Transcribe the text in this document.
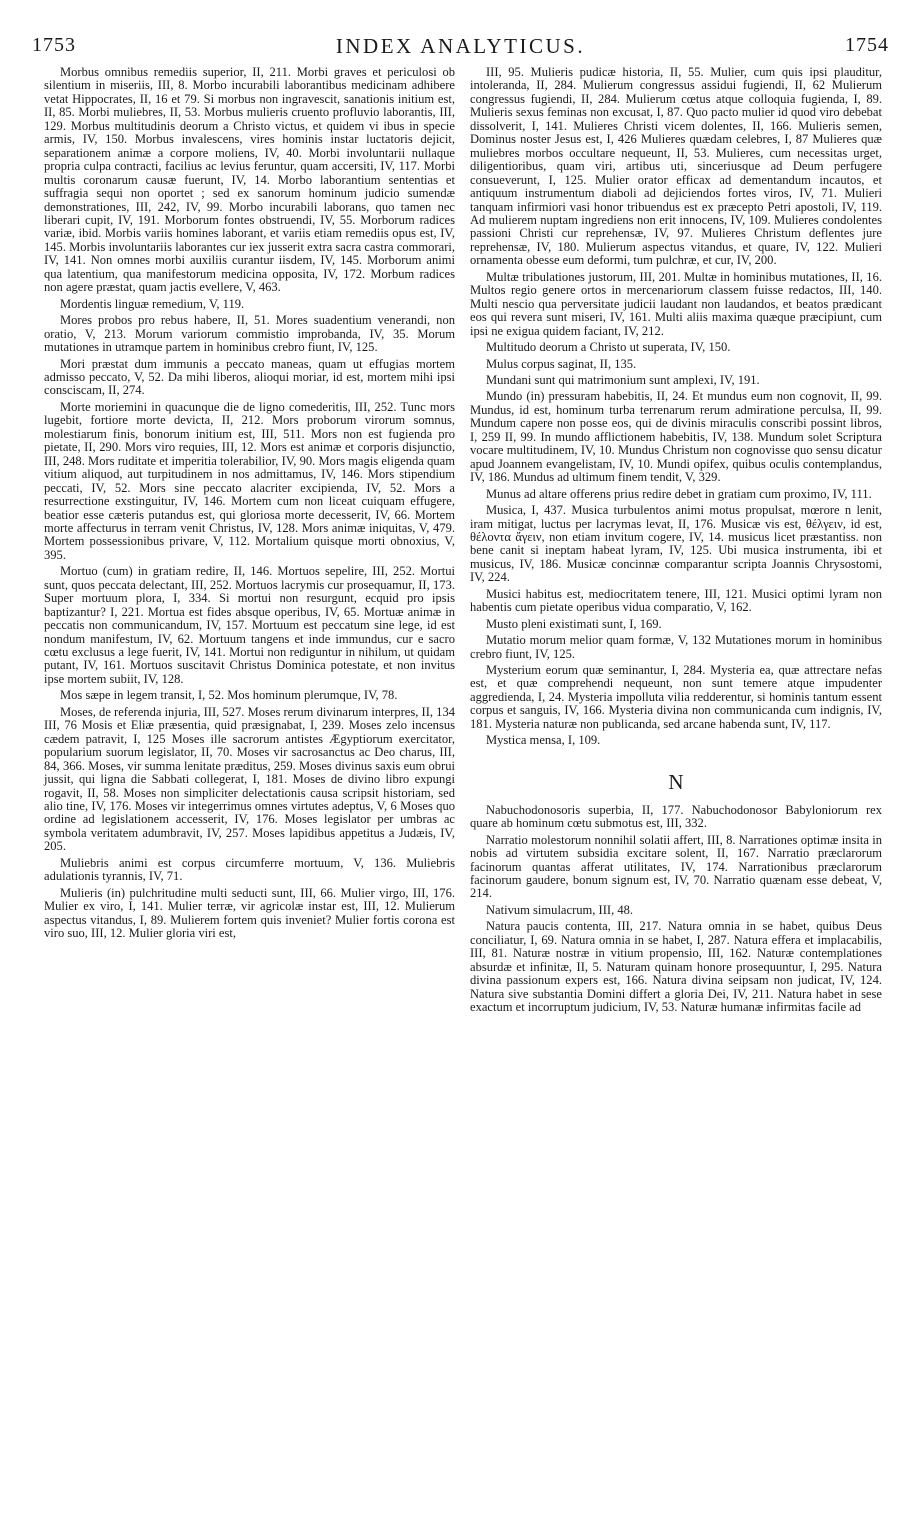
1753	INDEX ANALYTICUS.	1754

Morbus omnibus remediis superior, II, 211. Morbi graves et periculosi ob silentium in miseriis, III, 8. Morbo incurabili laborantibus medicinam adhibere vetat Hippocrates, II, 16 et 79. Si morbus non ingravescit, sanationis initium est, II, 85. Morbi muliebres, II, 53. Morbus mulieris cruento profluvio laborantis, III, 129. Morbus multitudinis deorum a Christo victus, et quidem vi ibus in specie armis, IV, 150. Morbus invalescens, vires hominis instar luctatoris dejicit, separationem animæ a corpore moliens, IV, 40. Morbi involuntarii nullaque propria culpa contracti, facilius ac levius feruntur, quam accersiti, IV, 117. Morbi multis coronarum causæ fuerunt, IV, 14. Morbo laborantium sententias et suffragia sequi non oportet ; sed ex sanorum hominum judicio sumendæ demonstrationes, III, 242, IV, 99. Morbo incurabili laborans, quo tamen nec liberari cupit, IV, 191. Morborum fontes obstruendi, IV, 55. Morborum radices variæ, ibid. Morbis variis homines laborant, et variis etiam remediis opus est, IV, 145. Morbis involuntariis laborantes cur iex jusserit extra sacra castra commorari, IV, 141. Non omnes morbi auxiliis curantur iisdem, IV, 145. Morborum animi qua latentium, qua manifestorum medicina opposita, IV, 172. Morbum radices non agere præstat, quam jactis evellere, V, 463.

Mordentis linguæ remedium, V, 119.

Mores probos pro rebus habere, II, 51. Mores suadentium venerandi, non oratio, V, 213. Morum variorum commistio improbanda, IV, 35. Morum mutationes in utramque partem in hominibus crebro fiunt, IV, 125.

Mori præstat dum immunis a peccato maneas, quam ut effugias mortem admisso peccato, V, 52. Da mihi liberos, alioqui moriar, id est, mortem mihi ipsi consciscam, II, 274.

Morte moriemini in quacunque die de ligno comederitis, III, 252. Tunc mors lugebit, fortiore morte devicta, II, 212. Mors proborum virorum somnus, molestiarum finis, bonorum initium est, III, 511. Mors non est fugienda pro pietate, II, 290. Mors viro requies, III, 12. Mors est animæ et corporis disjunctio, III, 248. Mors ruditate et imperitia tolerabilior, IV, 90. Mors magis eligenda quam vitium aliquod, aut turpitudinem in nos admittamus, IV, 146. Mors stipendium peccati, IV, 52. Mors sine peccato alacriter excipienda, IV, 52. Mors a resurrectione exstinguitur, IV, 146. Mortem cum non liceat cuiquam effugere, beatior esse cæteris putandus est, qui gloriosa morte decesserit, IV, 66. Mortem morte affecturus in terram venit Christus, IV, 128. Mors animæ iniquitas, V, 479. Mortem possessionibus privare, V, 112. Mortalium quisque morti obnoxius, V, 395.

Mortuo (cum) in gratiam redire, II, 146. Mortuos sepelire, III, 252. Mortui sunt, quos peccata delectant, III, 252. Mortuos lacrymis cur prosequamur, II, 173. Super mortuum plora, I, 334. Si mortui non resurgunt, ecquid pro ipsis baptizantur? I, 221. Mortua est fides absque operibus, IV, 65. Mortuæ animæ in peccatis non communicandum, IV, 157. Mortuum est peccatum sine lege, id est nondum manifestum, IV, 62. Mortuum tangens et inde immundus, cur e sacro cœtu exclusus a lege fuerit, IV, 141. Mortui non rediguntur in nihilum, ut quidam putant, IV, 161. Mortuos suscitavit Christus Dominica potestate, et non invitus ipse mortem subiit, IV, 128.

Mos sæpe in legem transit, I, 52. Mos hominum plerumque, IV, 78.

Moses, de referenda injuria, III, 527. Moses rerum divinarum interpres, II, 134 III, 76 Mosis et Eliæ præsentia, quid præsignabat, I, 239. Moses zelo incensus cædem patravit, I, 125 Moses ille sacrorum antistes Ægyptiorum exercitator, popularium suorum legislator, II, 70. Moses vir sacrosanctus ac Deo charus, III, 84, 366. Moses, vir summa lenitate præditus, 259. Moses divinus saxis eum obrui jussit, qui ligna die Sabbati collegerat, I, 181. Moses de divino libro expungi rogavit, II, 58. Moses non simpliciter delectationis causa scripsit historiam, sed alio tine, IV, 176. Moses vir integerrimus omnes virtutes adeptus, V, 6 Moses quo ordine ad legislationem accesserit, IV, 176. Moses legislator per umbras ac symbola veritatem adumbravit, IV, 257. Moses lapidibus appetitus a Judæis, IV, 205.

Muliebris animi est corpus circumferre mortuum, V, 136. Muliebris adulationis tyrannis, IV, 71.

Mulieris (in) pulchritudine multi seducti sunt, III, 66. Mulier virgo, III, 176. Mulier ex viro, I, 141. Mulier terræ, vir agricolæ instar est, III, 12. Mulierum aspectus vitandus, I, 89. Mulierem fortem quis inveniet? Mulier fortis corona est viro suo, III, 12. Mulier gloria viri est,

III, 95. Mulieris pudicæ historia, II, 55. Mulier, cum quis ipsi plauditur, intoleranda, II, 284. Mulierum congressus assidui fugiendi, II, 62 Mulierum congressus fugiendi, II, 284. Mulierum cœtus atque colloquia fugienda, I, 89. Mulieris sexus feminas non excusat, I, 87. Quo pacto mulier id quod viro debebat dissolverit, I, 141. Mulieres Christi vicem dolentes, II, 166. Mulieris semen, Dominus noster Jesus est, I, 426 Mulieres quædam celebres, I, 87 Mulieres quæ muliebres morbos occultare nequeunt, II, 53. Mulieres, cum necessitas urget, diligentioribus, quam viri, artibus uti, sinceriusque ad Deum perfugere consueverunt, I, 125. Mulier orator efficax ad dementandum incautos, et antiquum instrumentum diaboli ad dejiciendos fortes viros, IV, 71. Mulieri tanquam infirmiori vasi honor tribuendus est ex præcepto Petri apostoli, IV, 119. Ad mulierem nuptam ingrediens non erit innocens, IV, 109. Mulieres condolentes passioni Christi cur reprehensæ, IV, 97. Mulieres Christum deflentes jure reprehensæ, IV, 180. Mulierum aspectus vitandus, et quare, IV, 122. Mulieri ornamenta obesse eum deformi, tum pulchræ, et cur, IV, 200.

Multæ tribulationes justorum, III, 201. Multæ in hominibus mutationes, II, 16. Multos regio genere ortos in mercenariorum classem fuisse redactos, III, 140. Multi nescio qua perversitate judicii laudant non laudandos, et beatos prædicant eos qui revera sunt miseri, IV, 161. Multi aliis maxima quæque præcipiunt, cum ipsi ne exigua quidem faciant, IV, 212.

Multitudo deorum a Christo ut superata, IV, 150.

Mulus corpus saginat, II, 135.

Mundani sunt qui matrimonium sunt amplexi, IV, 191.

Mundo (in) pressuram habebitis, II, 24. Et mundus eum non cognovit, II, 99. Mundus, id est, hominum turba terrenarum rerum admiratione perculsa, II, 99. Mundum capere non posse eos, qui de divinis miraculis conscribi possint libros, I, 259 II, 99. In mundo afflictionem habebitis, IV, 138. Mundum solet Scriptura vocare multitudinem, IV, 10. Mundus Christum non cognovisse quo sensu dicatur apud Joannem evangelistam, IV, 10. Mundi opifex, quibus oculis contemplandus, IV, 186. Mundus ad ultimum finem tendit, V, 329.

Munus ad altare offerens prius redire debet in gratiam cum proximo, IV, 111.

Musica, I, 437. Musica turbulentos animi motus propulsat, mœrore n lenit, iram mitigat, luctus per lacrymas levat, II, 176. Musicæ vis est, θέλγειν, id est, θέλοντα ἄγειν, non etiam invitum cogere, IV, 14. musicus licet præstantiss. non bene canit si ineptam habeat lyram, IV, 125. Ubi musica instrumenta, ibi et musicus, IV, 186. Musicæ concinnæ comparantur scripta Joannis Chrysostomi, IV, 224.

Musici habitus est, mediocritatem tenere, III, 121. Musici optimi lyram non habentis cum pietate operibus vidua comparatio, V, 162.

Musto pleni existimati sunt, I, 169.

Mutatio morum melior quam formæ, V, 132 Mutationes morum in hominibus crebro fiunt, IV, 125.

Mysterium eorum quæ seminantur, I, 284. Mysteria ea, quæ attrectare nefas est, et quæ comprehendi nequeunt, non sunt temere atque impudenter aggredienda, I, 24. Mysteria impolluta vilia redderentur, si hominis tantum essent corpus et sanguis, IV, 166. Mysteria divina non communicanda cum indignis, IV, 181. Mysteria naturæ non publicanda, sed arcane habenda sunt, IV, 117.

Mystica mensa, I, 109.

N

Nabuchodonosoris superbia, II, 177. Nabuchodonosor Babyloniorum rex quare ab hominum cœtu submotus est, III, 332.

Narratio molestorum nonnihil solatii affert, III, 8. Narrationes optimæ insita in nobis ad virtutem subsidia excitare solent, II, 167. Narratio præclarorum facinorum quantas afferat utilitates, IV, 174. Narrationibus præclarorum facinorum gaudere, bonum signum est, IV, 70. Narratio quænam esse debeat, V, 214.

Nativum simulacrum, III, 48.

Natura paucis contenta, III, 217. Natura omnia in se habet, quibus Deus conciliatur, I, 69. Natura omnia in se habet, I, 287. Natura effera et implacabilis, III, 81. Naturæ nostræ in vitium propensio, III, 162. Naturæ contemplationes absurdæ et infinitæ, II, 5. Naturam quinam honore prosequuntur, I, 295. Natura divina passionum expers est, 166. Natura divina seipsam non judicat, IV, 124. Natura sive substantia Domini differt a gloria Dei, IV, 211. Natura habet in sese exactum et incorruptum judicium, IV, 53. Naturæ humanæ infirmitas facile ad
